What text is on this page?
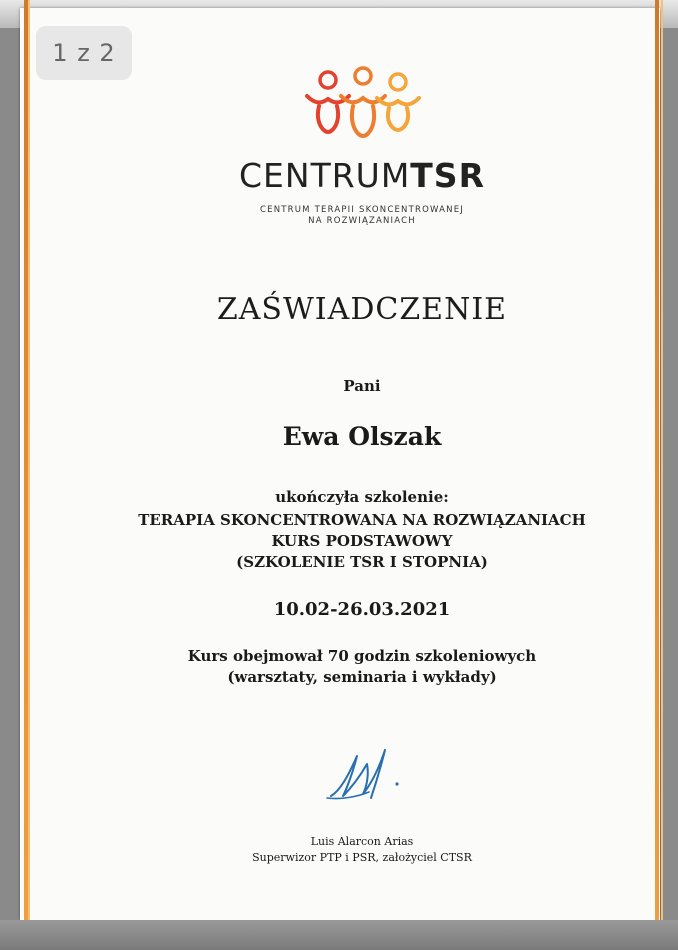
CENTRUMTSR
CENTRUM TERAPII SKONCENTROWANEJ
NA ROZWIĄZANIACH
ZAŚWIADCZENIE
Pani
Ewa Olszak
ukończyła szkolenie:
TERAPIA SKONCENTROWANA NA ROZWIĄZANIACH
KURS PODSTAWOWY
(SZKOLENIE TSR I STOPNIA)
10.02-26.03.2021
Kurs obejmował 70 godzin szkoleniowych
(warsztaty, seminaria i wykłady)
Luis Alarcon Arias
Superwizor PTP i PSR, założyciel CTSR
1 z 2
